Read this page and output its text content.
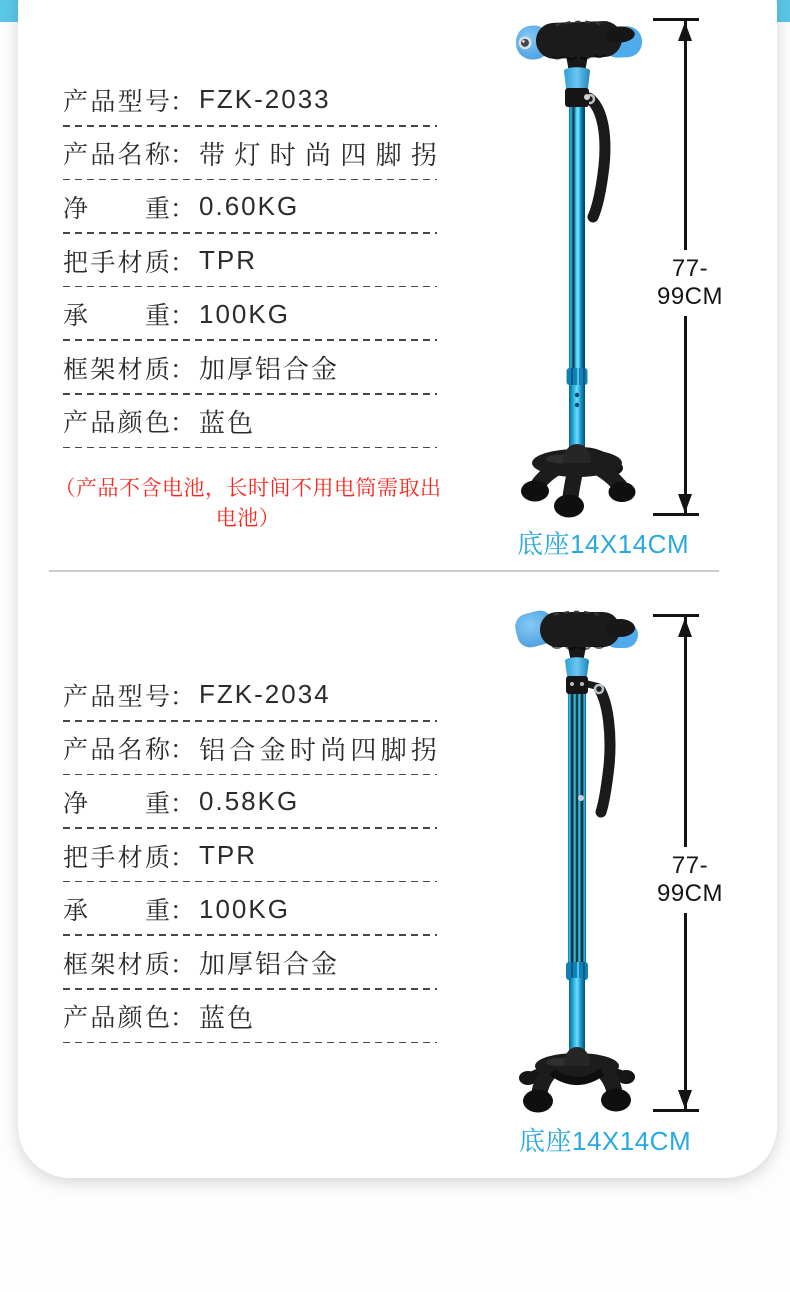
产品型号 ： FZK-2033
产品名称 ： 带灯时尚四脚拐
净重 ： 0.60KG
把手材质 ： TPR
承重 ： 100KG
框架材质 ： 加厚铝合金
产品颜色 ： 蓝色
（产品不含电池，长时间不用电筒需取出电池）
77-99CM
底座14X14CM
产品型号 ： FZK-2034
产品名称 ： 铝合金时尚四脚拐
净重 ： 0.58KG
把手材质 ： TPR
承重 ： 100KG
框架材质 ： 加厚铝合金
产品颜色 ： 蓝色
77-99CM
底座14X14CM
